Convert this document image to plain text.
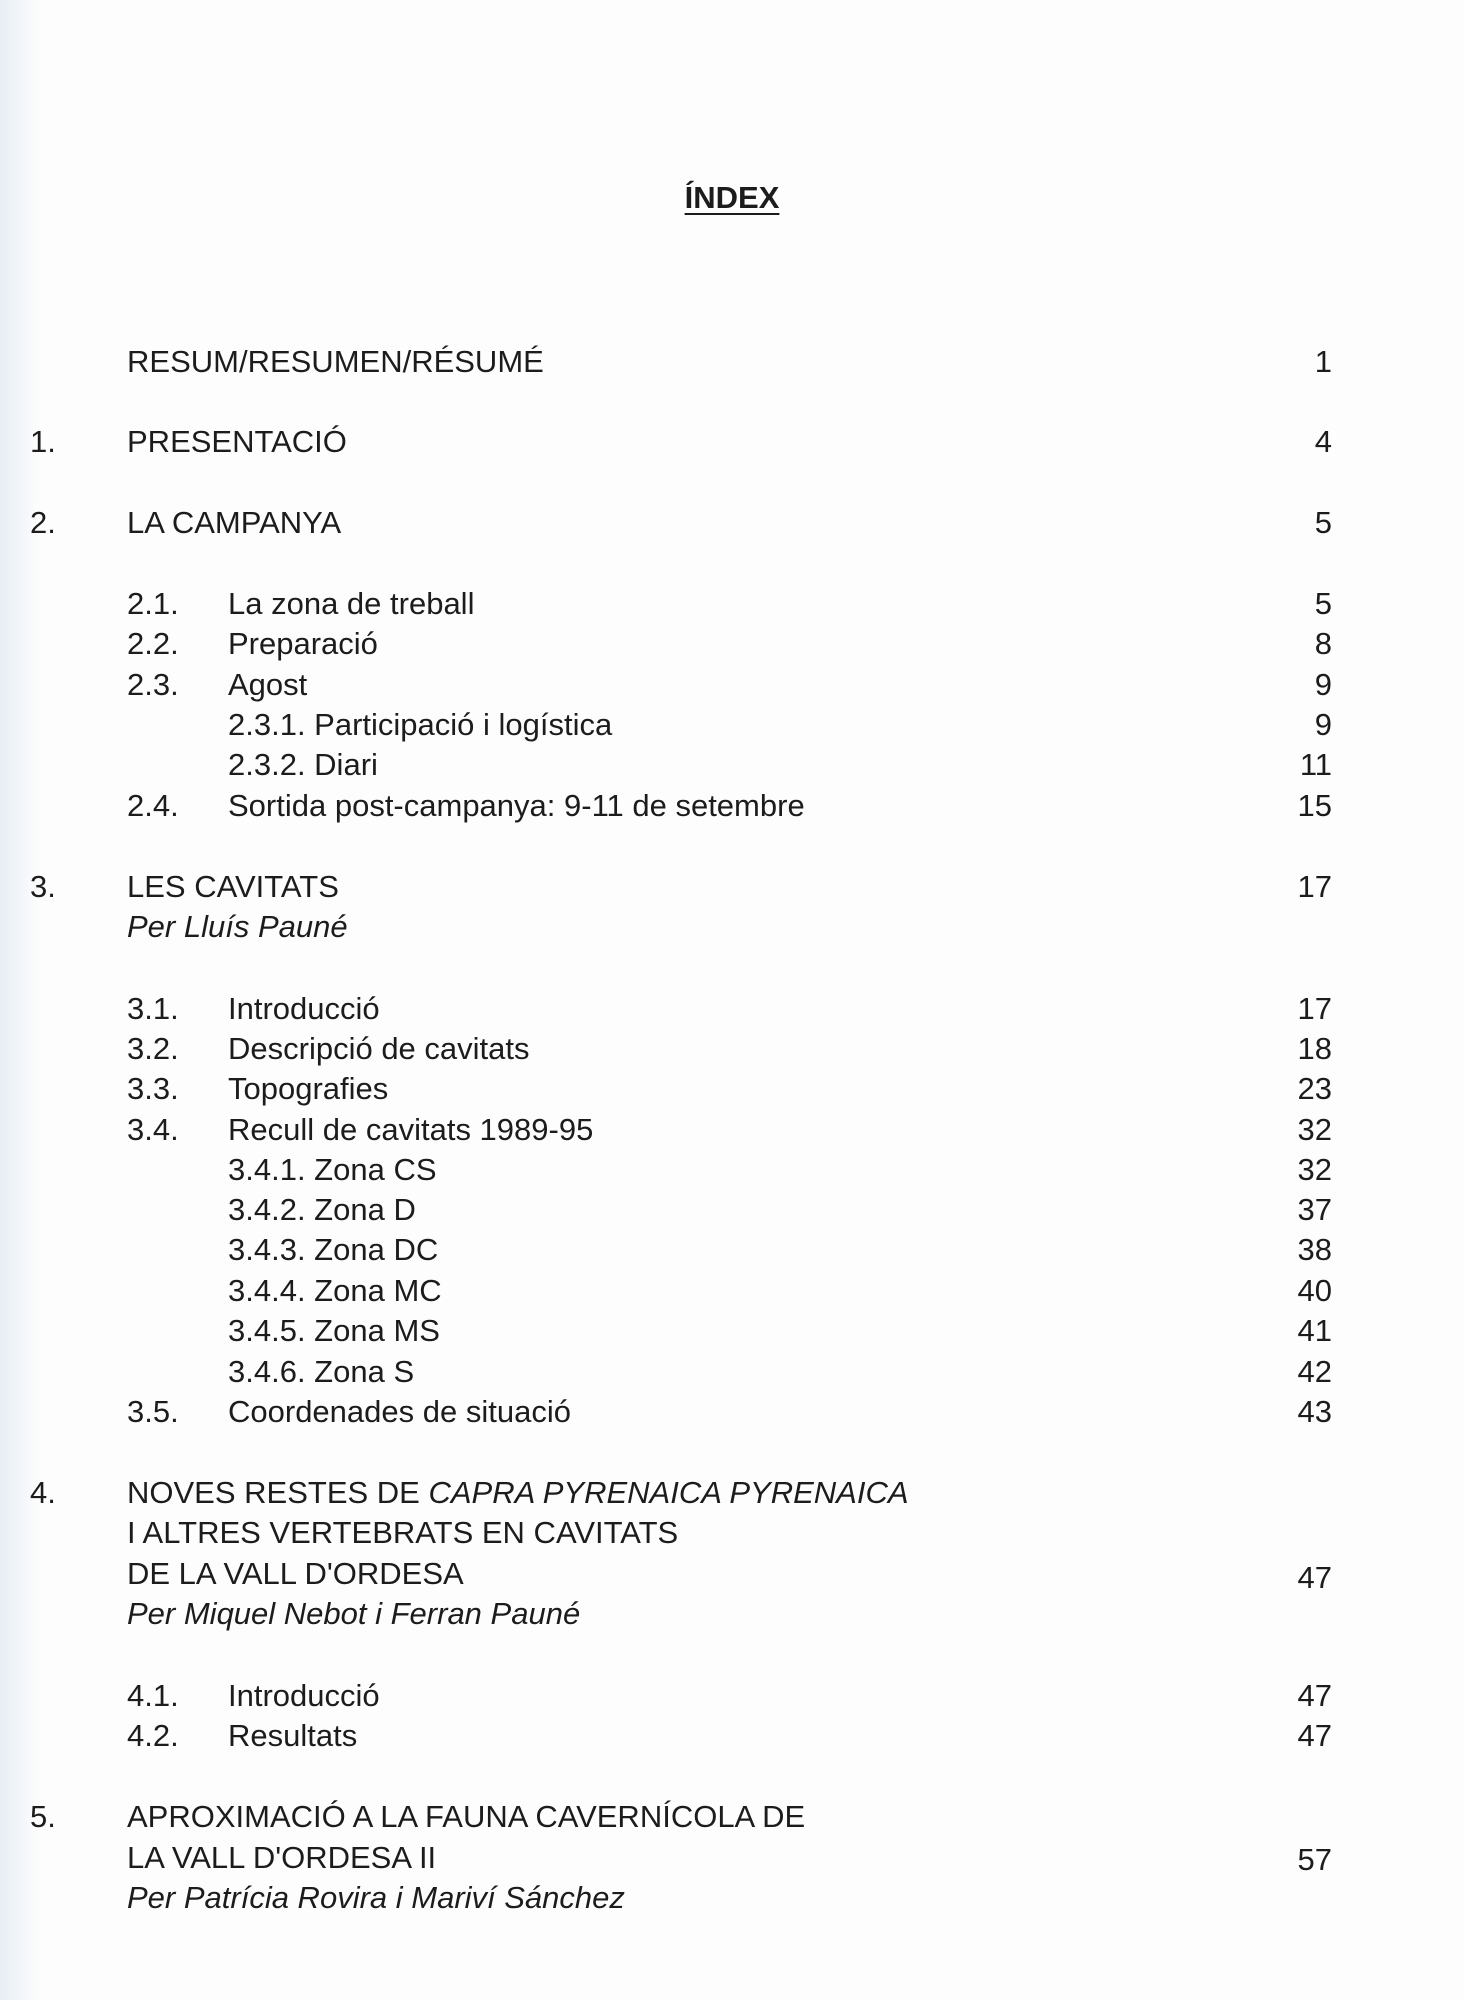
ÍNDEX
RESUM/RESUMEN/RÉSUMÉ	1
1. PRESENTACIÓ	4
2. LA CAMPANYA	5
2.1. La zona de treball	5
2.2. Preparació	8
2.3. Agost	9
2.3.1. Participació i logística	9
2.3.2. Diari	11
2.4. Sortida post-campanya: 9-11 de setembre	15
3. LES CAVITATS	17
Per Lluís Pauné
3.1. Introducció	17
3.2. Descripció de cavitats	18
3.3. Topografies	23
3.4. Recull de cavitats 1989-95	32
3.4.1. Zona CS	32
3.4.2. Zona D	37
3.4.3. Zona DC	38
3.4.4. Zona MC	40
3.4.5. Zona MS	41
3.4.6. Zona S	42
3.5. Coordenades de situació	43
4. NOVES RESTES DE CAPRA PYRENAICA PYRENAICA
I ALTRES VERTEBRATS EN CAVITATS
DE LA VALL D'ORDESA	47
Per Miquel Nebot i Ferran Pauné
4.1. Introducció	47
4.2. Resultats	47
5. APROXIMACIÓ A LA FAUNA CAVERNÍCOLA DE
LA VALL D'ORDESA II	57
Per Patrícia Rovira i Mariví Sánchez
